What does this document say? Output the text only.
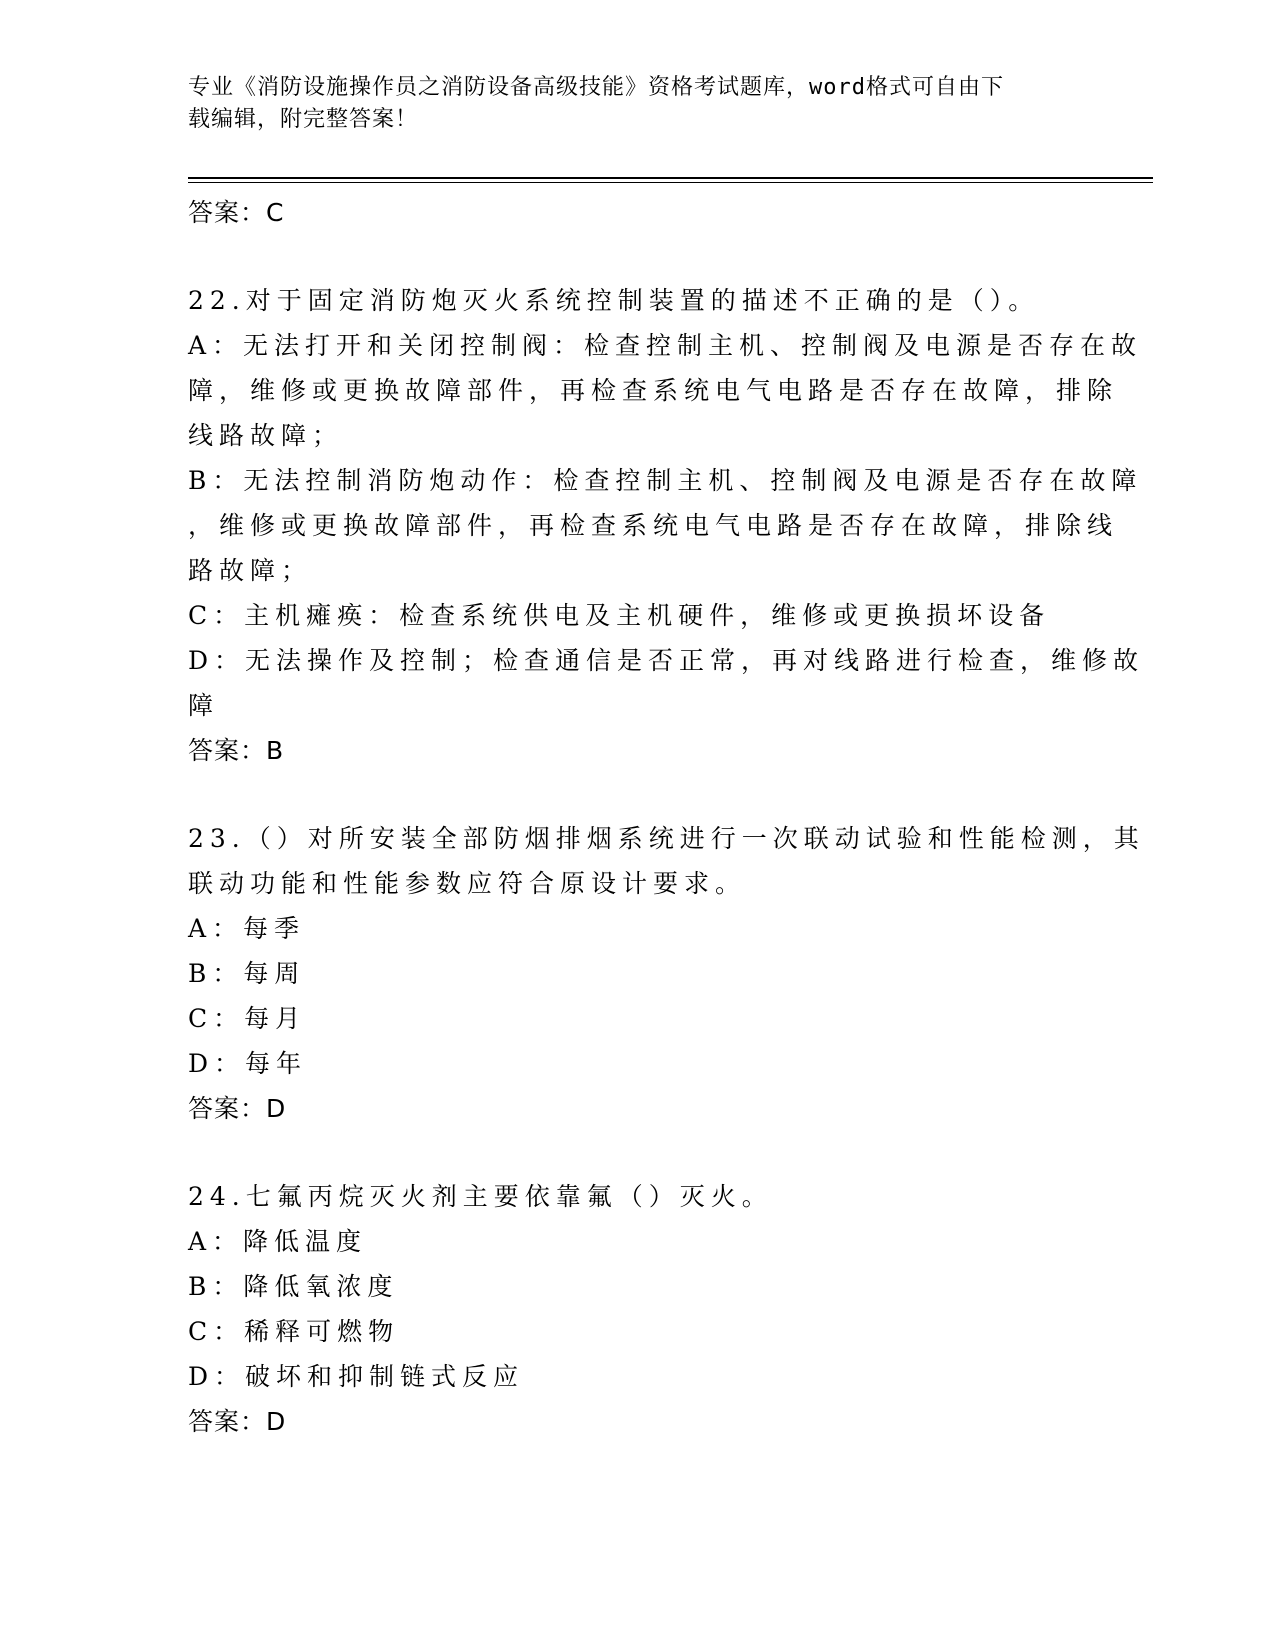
专业《消防设施操作员之消防设备高级技能》资格考试题库，word格式可自由下
载编辑，附完整答案！
答案：C
22.对于固定消防炮灭火系统控制装置的描述不正确的是（）。
A：无法打开和关闭控制阀：检查控制主机、控制阀及电源是否存在故
障，维修或更换故障部件，再检查系统电气电路是否存在故障，排除
线路故障；
B：无法控制消防炮动作：检查控制主机、控制阀及电源是否存在故障
，维修或更换故障部件，再检查系统电气电路是否存在故障，排除线
路故障；
C：主机瘫痪：检查系统供电及主机硬件，维修或更换损坏设备
D：无法操作及控制；检查通信是否正常，再对线路进行检查，维修故
障
答案：B
23.（）对所安装全部防烟排烟系统进行一次联动试验和性能检测，其
联动功能和性能参数应符合原设计要求。
A：每季
B：每周
C：每月
D：每年
答案：D
24.七氟丙烷灭火剂主要依靠氟（）灭火。
A：降低温度
B：降低氧浓度
C：稀释可燃物
D：破坏和抑制链式反应
答案：D
